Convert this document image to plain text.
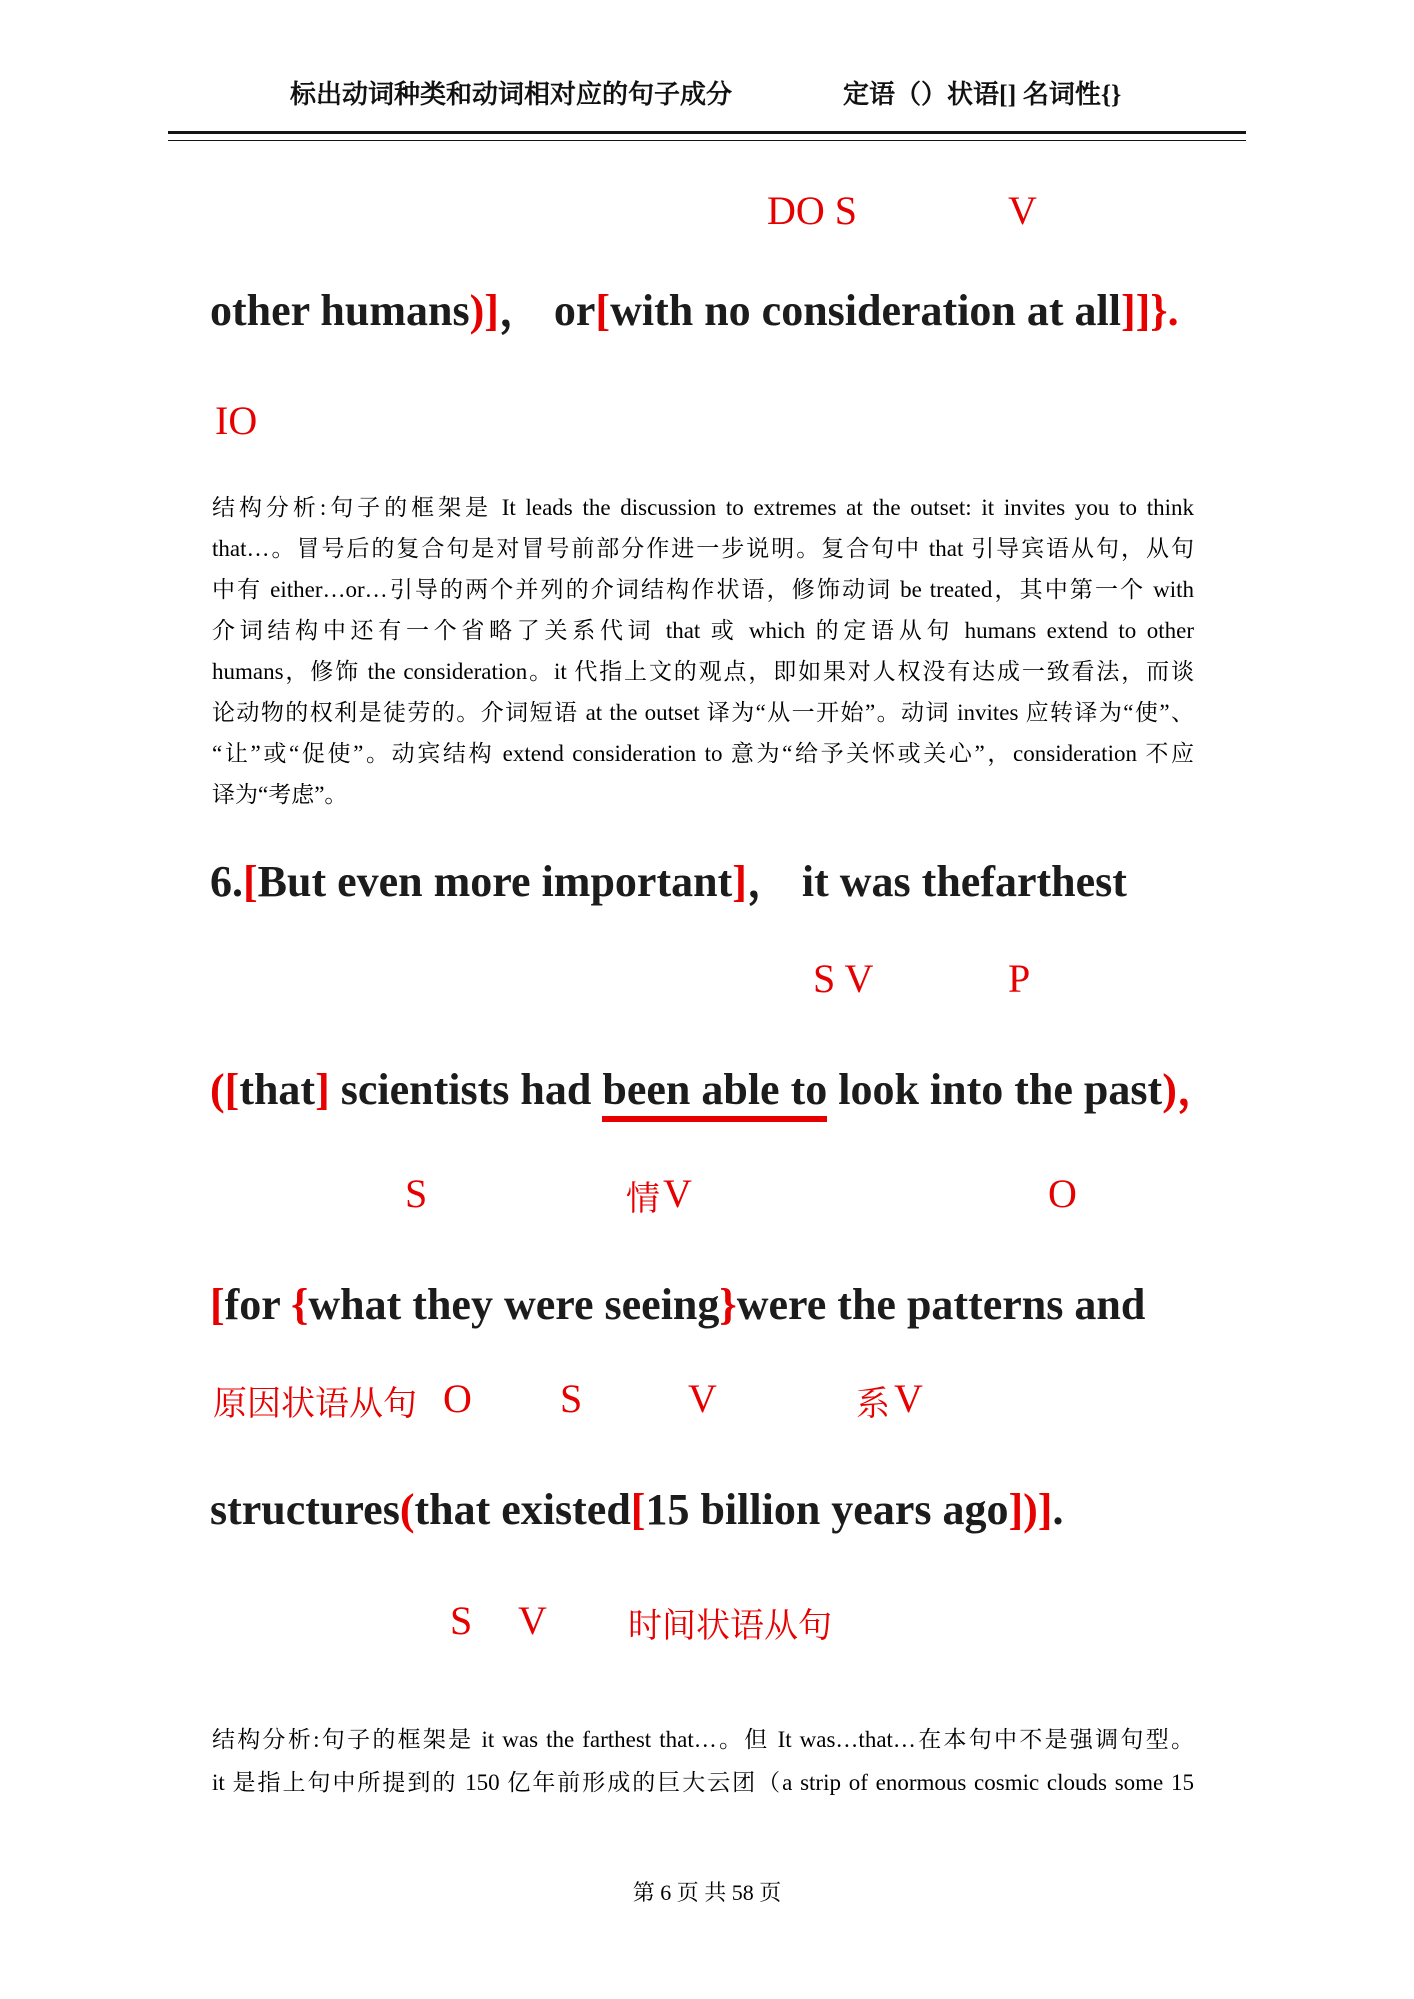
标出动词种类和动词相对应的句子成分	定语（）状语[] 名词性{}
DO S	V
other humans)]， or[with no consideration at all]]}.
IO
结构分析:句子的框架是 It leads the discussion to extremes at the outset: it invites you to think
that…。冒号后的复合句是对冒号前部分作进一步说明。复合句中 that 引导宾语从句，从句
中有 either…or…引导的两个并列的介词结构作状语，修饰动词 be treated，其中第一个 with
介词结构中还有一个省略了关系代词 that 或 which 的定语从句 humans extend to other
humans，修饰 the consideration。it 代指上文的观点，即如果对人权没有达成一致看法，而谈
论动物的权利是徒劳的。介词短语 at the outset 译为“从一开始”。动词 invites 应转译为“使”、
“让”或“促使”。动宾结构 extend consideration to 意为“给予关怀或关心”，consideration 不应
译为“考虑”。
6.[But even more important]， it was thefarthest
S V	P
([that] scientists had been able to look into the past)，
S	情 V	O
[for {what they were seeing}were the patterns and
原因状语从句 O S	V	系 V
structures(that existed[15 billion years ago])].
S V 时间状语从句
结构分析:句子的框架是 it was the farthest that…。但 It was…that…在本句中不是强调句型。
it 是指上句中所提到的 150 亿年前形成的巨大云团（a strip of enormous cosmic clouds some 15
第 6 页 共 58 页
